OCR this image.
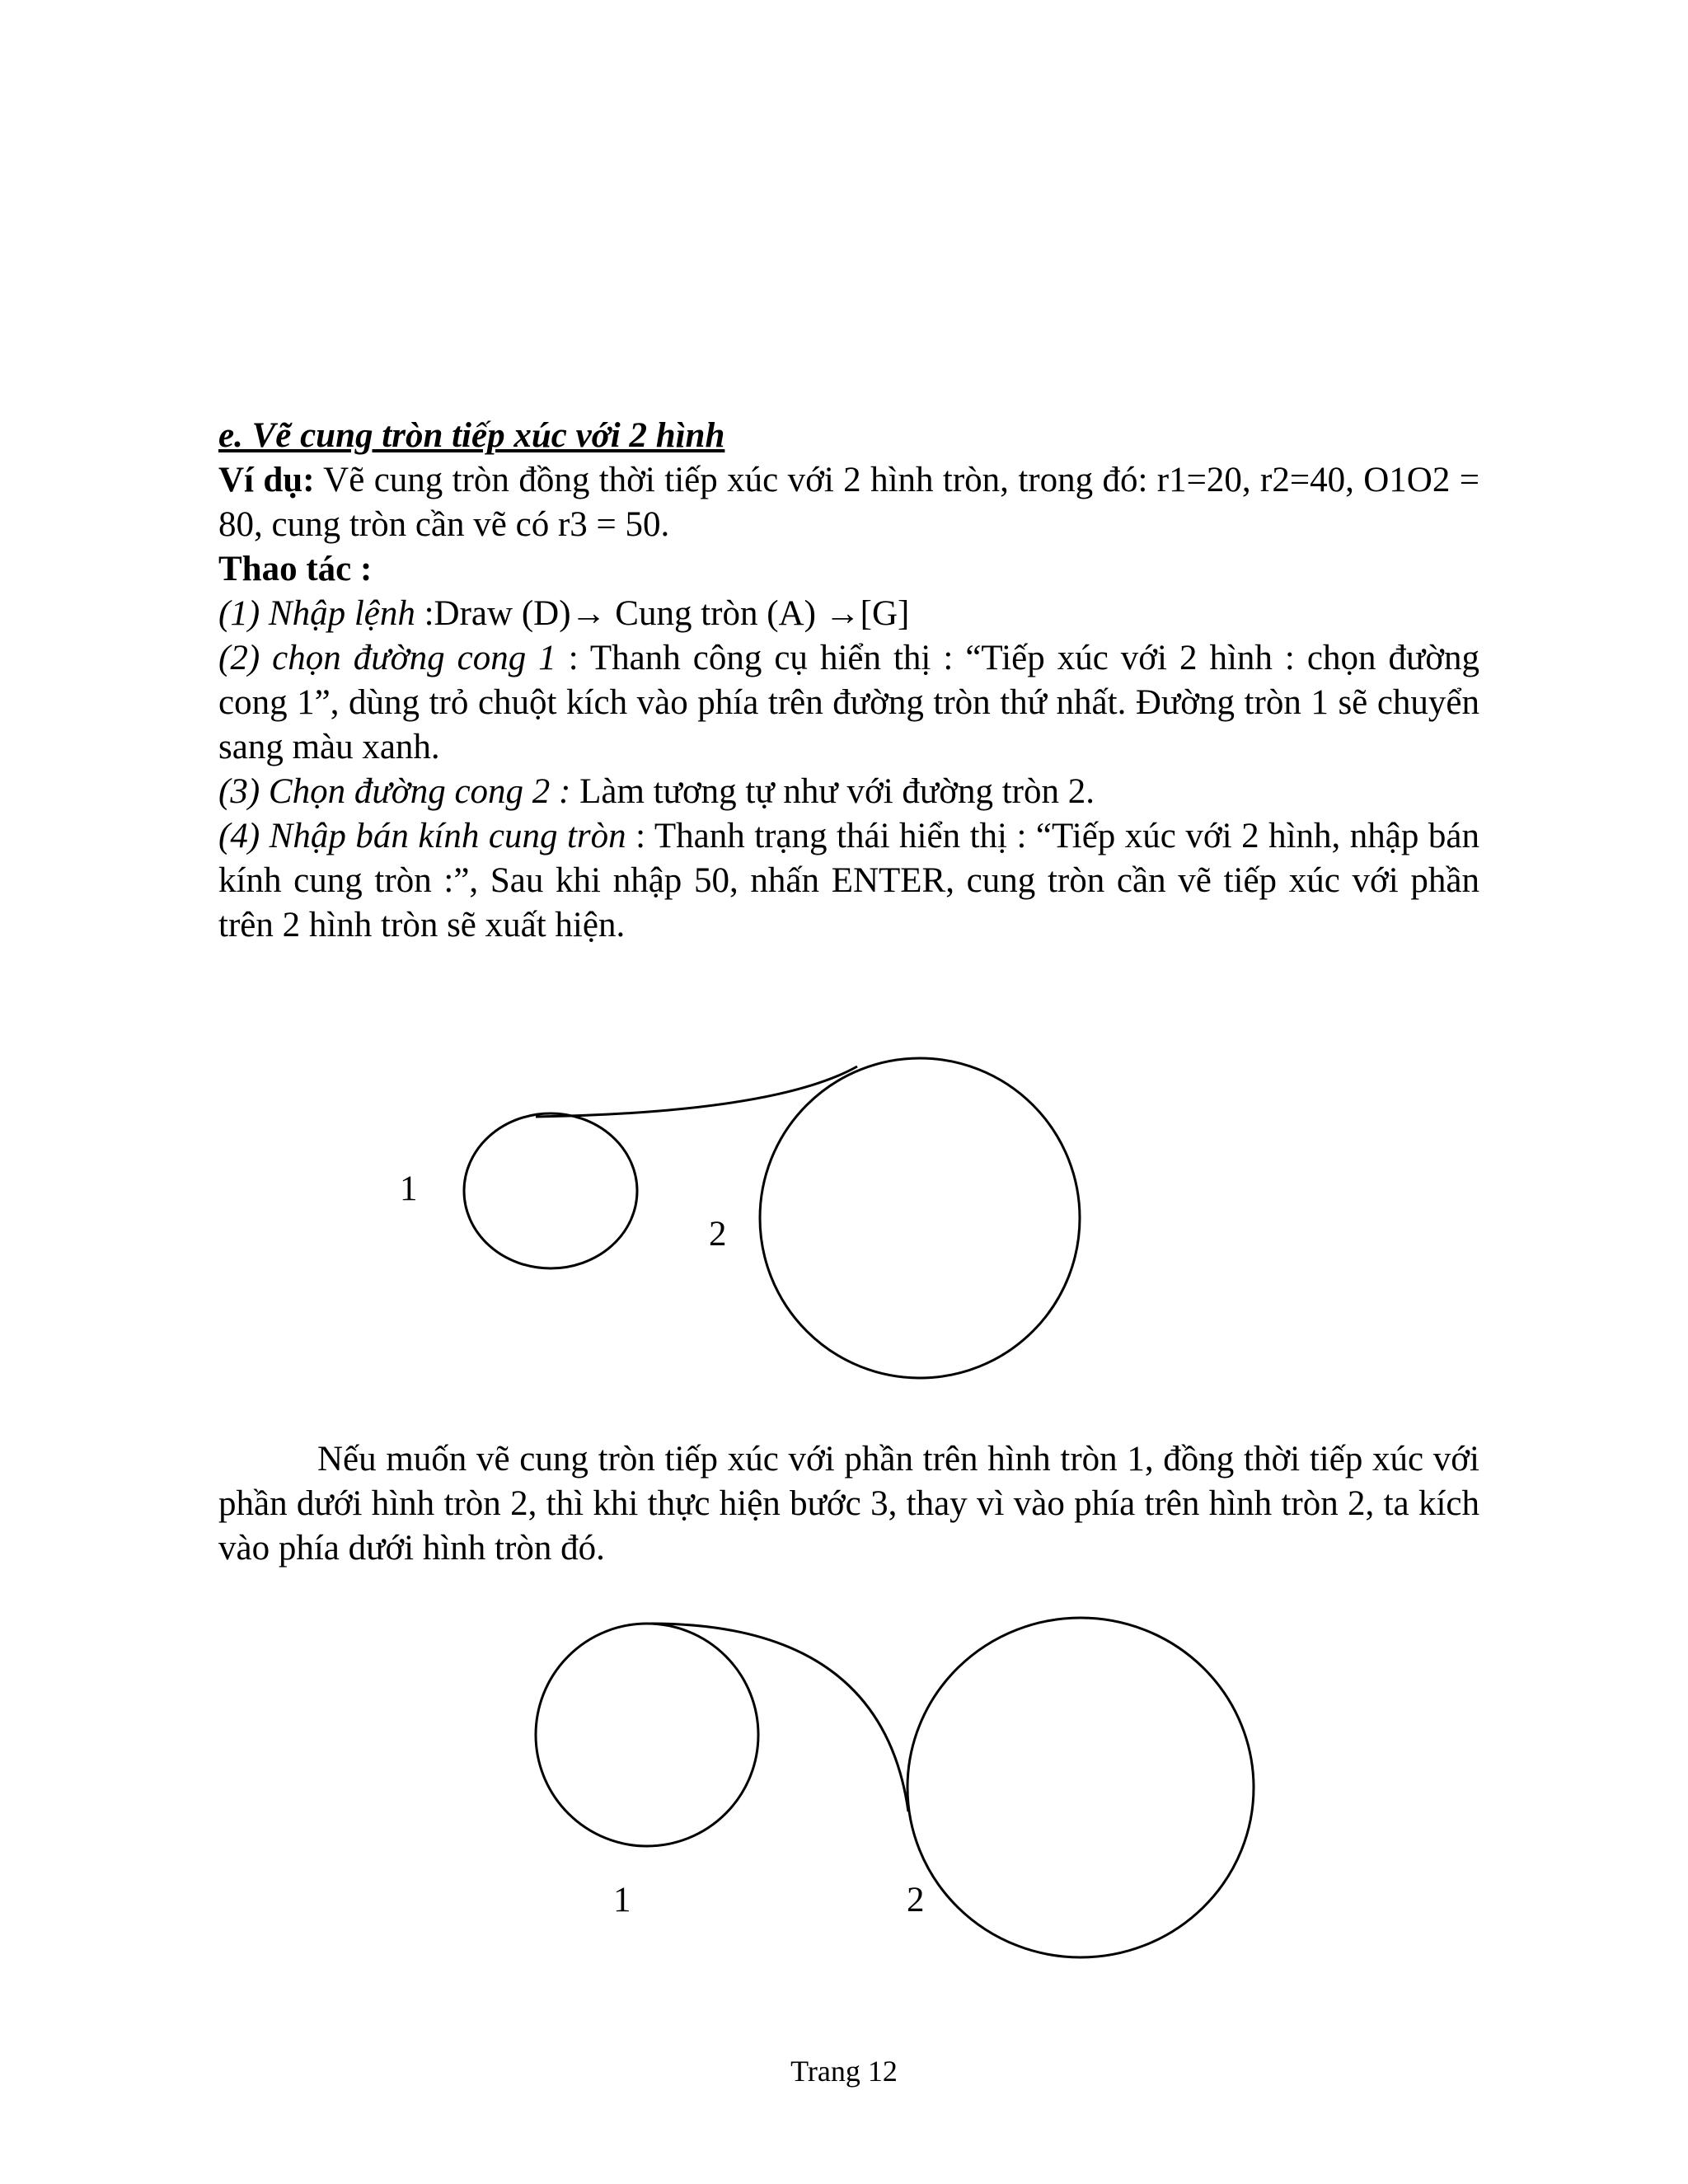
e. Vẽ cung tròn tiếp xúc với 2 hình
Ví dụ: Vẽ cung tròn đồng thời tiếp xúc với 2 hình tròn, trong đó: r1=20, r2=40, O1O2 = 80, cung tròn cần vẽ có r3 = 50.
Thao tác :
(1) Nhập lệnh :Draw (D)→ Cung tròn (A) →[G]
(2) chọn đường cong 1 : Thanh công cụ hiển thị : “Tiếp xúc với 2 hình : chọn đường cong 1”, dùng trỏ chuột kích vào phía trên đường tròn thứ nhất. Đường tròn 1 sẽ chuyển sang màu xanh.
(3) Chọn đường cong 2 : Làm tương tự như với đường tròn 2.
(4) Nhập bán kính cung tròn : Thanh trạng thái hiển thị : “Tiếp xúc với 2 hình, nhập bán kính cung tròn :”, Sau khi nhập 50, nhấn ENTER, cung tròn cần vẽ tiếp xúc với phần trên 2 hình tròn sẽ xuất hiện.
1
2

Nếu muốn vẽ cung tròn tiếp xúc với phần trên hình tròn 1, đồng thời tiếp xúc với phần dưới hình tròn 2, thì khi thực hiện bước 3, thay vì vào phía trên hình tròn 2, ta kích vào phía dưới hình tròn đó.

1	2
Trang 12
